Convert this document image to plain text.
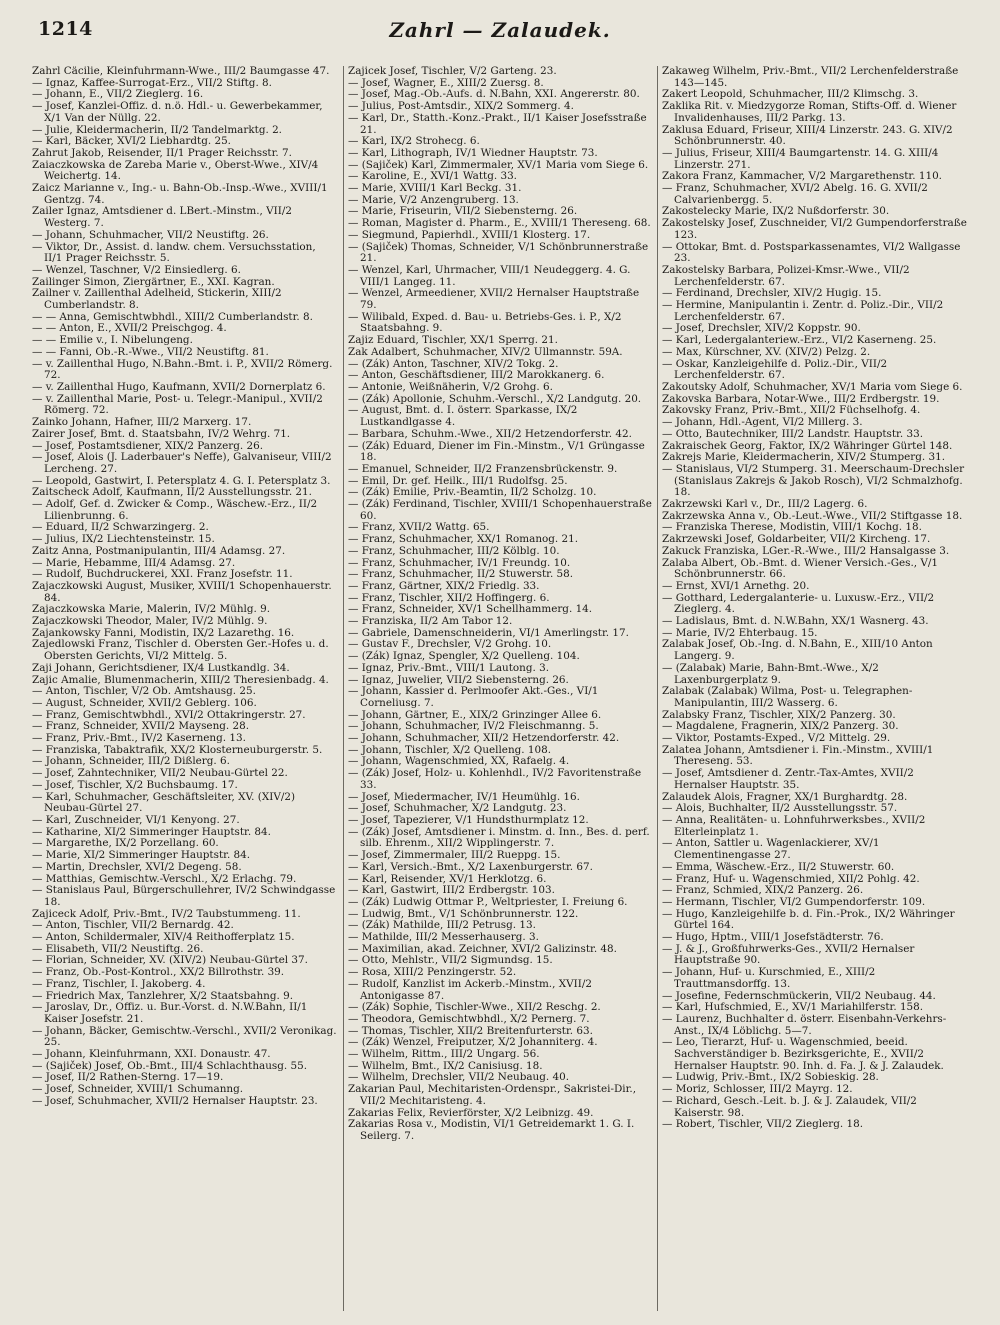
1214	Zahrl — Zalaudek.

Zahrl Cäcilie, Kleinfuhrmann-Wwe., III/2 Baumgasse 47.

— Ignaz, Kaffee-Surrogat-Erz., VII/2 Stiftg. 8.

— Johann, E., VII/2 Zieglerg. 16.

— Josef, Kanzlei-Offiz. d. n.ö. Hdl.- u. Gewerbekammer, X/1 Van der Nüllg. 22.

— Julie, Kleidermacherin, II/2 Tandelmarktg. 2.

— Karl, Bäcker, XVI/2 Liebhardtg. 25.

Zahrut Jakob, Reisender, II/1 Prager Reichsstr. 7.

Zaiaczkowska de Zareba Marie v., Oberst-Wwe., XIV/4 Weichertg. 14.

Zaicz Marianne v., Ing.- u. Bahn-Ob.-Insp.-Wwe., XVIII/1 Gentzg. 74.

Zailer Ignaz, Amtsdiener d. LBert.-Minstm., VII/2 Westerg. 7.

— Johann, Schuhmacher, VII/2 Neustiftg. 26.

— Viktor, Dr., Assist. d. landw. chem. Versuchsstation, II/1 Prager Reichsstr. 5.

— Wenzel, Taschner, V/2 Einsiedlerg. 6.

Zailinger Simon, Ziergärtner, E., XXI. Kagran.

Zailner v. Zaillenthal Adelheid, Stickerin, XIII/2 Cumberlandstr. 8.

— — Anna, Gemischtwbhdl., XIII/2 Cumberlandstr. 8.

— — Anton, E., XVII/2 Preischgog. 4.

— — Emilie v., I. Nibelungeng.

— — Fanni, Ob.-R.-Wwe., VII/2 Neustiftg. 81.

— v. Zaillenthal Hugo, N.Bahn.-Bmt. i. P., XVII/2 Römerg. 72.

— v. Zaillenthal Hugo, Kaufmann, XVII/2 Dornerplatz 6.

— v. Zaillenthal Marie, Post- u. Telegr.-Manipul., XVII/2 Römerg. 72.

Zainko Johann, Hafner, III/2 Marxerg. 17.

Zairer Josef, Bmt. d. Staatsbahn, IV/2 Wehrg. 71.

— Josef, Postamtsdiener, XIX/2 Panzerg. 26.

— Josef, Alois (J. Laderbauer's Neffe), Galvaniseur, VIII/2 Lercheng. 27.

— Leopold, Gastwirt, I. Petersplatz 4. G. I. Petersplatz 3.

Zaitscheck Adolf, Kaufmann, II/2 Ausstellungsstr. 21.

— Adolf, Gef. d. Zwicker & Comp., Wäschew.-Erz., II/2 Lilienbrunng. 6.

— Eduard, II/2 Schwarzingerg. 2.

— Julius, IX/2 Liechtensteinstr. 15.

Zaitz Anna, Postmanipulantin, III/4 Adamsg. 27.

— Marie, Hebamme, III/4 Adamsg. 27.

— Rudolf, Buchdruckerei, XXI. Franz Josefstr. 11.

Zajaczkowski August, Musiker, XVIII/1 Schopenhauerstr. 84.

Zajaczkowska Marie, Malerin, IV/2 Mühlg. 9.

Zajaczkowski Theodor, Maler, IV/2 Mühlg. 9.

Zajankowsky Fanni, Modistin, IX/2 Lazarethg. 16.

Zajedlowski Franz, Tischler d. Obersten Ger.-Hofes u. d. Obersten Gerichts, VI/2 Mittelg. 5.

Zaji Johann, Gerichtsdiener, IX/4 Lustkandlg. 34.

Zajic Amalie, Blumenmacherin, XIII/2 Theresienbadg. 4.

— Anton, Tischler, V/2 Ob. Amtshausg. 25.

— August, Schneider, XVII/2 Geblerg. 106.

— Franz, Gemischtwbhdl., XVI/2 Ottakringerstr. 27.

— Franz, Schneider, XVII/2 Mayseng. 28.

— Franz, Priv.-Bmt., IV/2 Kaserneng. 13.

— Franziska, Tabaktrafik, XX/2 Klosterneuburgerstr. 5.

— Johann, Schneider, III/2 Dißlerg. 6.

— Josef, Zahntechniker, VII/2 Neubau-Gürtel 22.

— Josef, Tischler, X/2 Buchsbaumg. 17.

— Karl, Schuhmacher, Geschäftsleiter, XV. (XIV/2) Neubau-Gürtel 27.

— Karl, Zuschneider, VI/1 Kenyong. 27.

— Katharine, XI/2 Simmeringer Hauptstr. 84.

— Margarethe, IX/2 Porzellang. 60.

— Marie, XI/2 Simmeringer Hauptstr. 84.

— Martin, Drechsler, XVI/2 Degeng. 58.

— Matthias, Gemischtw.-Verschl., X/2 Erlachg. 79.

— Stanislaus Paul, Bürgerschullehrer, IV/2 Schwindgasse 18.

Zajiceck Adolf, Priv.-Bmt., IV/2 Taubstummeng. 11.

— Anton, Tischler, VII/2 Bernardg. 42.

— Anton, Schildermaler, XIV/4 Reithofferplatz 15.

— Elisabeth, VII/2 Neustiftg. 26.

— Florian, Schneider, XV. (XIV/2) Neubau-Gürtel 37.

— Franz, Ob.-Post-Kontrol., XX/2 Billrothstr. 39.

— Franz, Tischler, I. Jakoberg. 4.

— Friedrich Max, Tanzlehrer, X/2 Staatsbahng. 9.

— Jaroslav, Dr., Offiz. u. Bur.-Vorst. d. N.W.Bahn, II/1 Kaiser Josefstr. 21.

— Johann, Bäcker, Gemischtw.-Verschl., XVII/2 Veronikag. 25.

— Johann, Kleinfuhrmann, XXI. Donaustr. 47.

— (Sajiček) Josef, Ob.-Bmt., III/4 Schlachthausg. 55.

— Josef, II/2 Rathen-Sterng. 17—19.

— Josef, Schneider, XVIII/1 Schumanng.

— Josef, Schuhmacher, XVII/2 Hernalser Hauptstr. 23.

Zajicek Josef, Tischler, V/2 Garteng. 23.

— Josef, Wagner, E., XIII/2 Zuersg. 8.

— Josef, Mag.-Ob.-Aufs. d. N.Bahn, XXI. Angererstr. 80.

— Julius, Post-Amtsdir., XIX/2 Sommerg. 4.

— Karl, Dr., Statth.-Konz.-Prakt., II/1 Kaiser Josefsstraße 21.

— Karl, IX/2 Strohecg. 6.

— Karl, Lithograph, IV/1 Wiedner Hauptstr. 73.

— (Sajiček) Karl, Zimmermaler, XV/1 Maria vom Siege 6.

— Karoline, E., XVI/1 Wattg. 33.

— Marie, XVIII/1 Karl Beckg. 31.

— Marie, V/2 Anzengruberg. 13.

— Marie, Friseurin, VII/2 Siebensterng. 26.

— Roman, Magister d. Pharm., E., XVIII/1 Thereseng. 68.

— Siegmund, Papierhdl., XVIII/1 Klosterg. 17.

— (Sajiček) Thomas, Schneider, V/1 Schönbrunnerstraße 21.

— Wenzel, Karl, Uhrmacher, VIII/1 Neudeggerg. 4. G. VIII/1 Langeg. 11.

— Wenzel, Armeediener, XVII/2 Hernalser Hauptstraße 79.

— Wilibald, Exped. d. Bau- u. Betriebs-Ges. i. P., X/2 Staatsbahng. 9.

Zajiz Eduard, Tischler, XX/1 Sperrg. 21.

Zak Adalbert, Schuhmacher, XIV/2 Ullmannstr. 59A.

— (Zák) Anton, Taschner, XIV/2 Tokg. 2.

— Anton, Geschäftsdiener, III/2 Marokkanerg. 6.

— Antonie, Weißnäherin, V/2 Grohg. 6.

— (Zák) Apollonie, Schuhm.-Verschl., X/2 Landgutg. 20.

— August, Bmt. d. I. österr. Sparkasse, IX/2 Lustkandlgasse 4.

— Barbara, Schuhm.-Wwe., XII/2 Hetzendorferstr. 42.

— (Zák) Eduard, Diener im Fin.-Minstm., V/1 Grüngasse 18.

— Emanuel, Schneider, II/2 Franzensbrückenstr. 9.

— Emil, Dr. gef. Heilk., III/1 Rudolfsg. 25.

— (Zák) Emilie, Priv.-Beamtin, II/2 Scholzg. 10.

— (Zák) Ferdinand, Tischler, XVIII/1 Schopenhauerstraße 60.

— Franz, XVII/2 Wattg. 65.

— Franz, Schuhmacher, XX/1 Romanog. 21.

— Franz, Schuhmacher, III/2 Kölblg. 10.

— Franz, Schuhmacher, IV/1 Freundg. 10.

— Franz, Schuhmacher, II/2 Stuwerstr. 58.

— Franz, Gärtner, XIX/2 Friedlg. 33.

— Franz, Tischler, XII/2 Hoffingerg. 6.

— Franz, Schneider, XV/1 Schellhammerg. 14.

— Franziska, II/2 Am Tabor 12.

— Gabriele, Damenschneiderin, VI/1 Amerlingstr. 17.

— Gustav F., Drechsler, V/2 Grohg. 10.

— (Zák) Ignaz, Spengler, X/2 Quelleng. 104.

— Ignaz, Priv.-Bmt., VIII/1 Lautong. 3.

— Ignaz, Juwelier, VII/2 Siebensterng. 26.

— Johann, Kassier d. Perlmoofer Akt.-Ges., VI/1 Corneliusg. 7.

— Johann, Gärtner, E., XIX/2 Grinzinger Allee 6.

— Johann, Schuhmacher, IV/2 Fleischmanng. 5.

— Johann, Schuhmacher, XII/2 Hetzendorferstr. 42.

— Johann, Tischler, X/2 Quelleng. 108.

— Johann, Wagenschmied, XX, Rafaelg. 4.

— (Zák) Josef, Holz- u. Kohlenhdl., IV/2 Favoritenstraße 33.

— Josef, Miedermacher, IV/1 Heumühlg. 16.

— Josef, Schuhmacher, X/2 Landgutg. 23.

— Josef, Tapezierer, V/1 Hundsthurmplatz 12.

— (Zák) Josef, Amtsdiener i. Minstm. d. Inn., Bes. d. perf. silb. Ehrenm., XII/2 Wipplingerstr. 7.

— Josef, Zimmermaler, III/2 Rueppg. 15.

— Karl, Versich.-Bmt., X/2 Laxenburgerstr. 67.

— Karl, Reisender, XV/1 Herklotzg. 6.

— Karl, Gastwirt, III/2 Erdbergstr. 103.

— (Zák) Ludwig Ottmar P., Weltpriester, I. Freiung 6.

— Ludwig, Bmt., V/1 Schönbrunnerstr. 122.

— (Zák) Mathilde, III/2 Petrusg. 13.

— Mathilde, III/2 Messerhauserg. 3.

— Maximilian, akad. Zeichner, XVI/2 Galizinstr. 48.

— Otto, Mehlstr., VII/2 Sigmundsg. 15.

— Rosa, XIII/2 Penzingerstr. 52.

— Rudolf, Kanzlist im Ackerb.-Minstm., XVII/2 Antonigasse 87.

— (Zák) Sophie, Tischler-Wwe., XII/2 Reschg. 2.

— Theodora, Gemischtwbhdl., X/2 Pernerg. 7.

— Thomas, Tischler, XII/2 Breitenfurterstr. 63.

— (Zák) Wenzel, Freiputzer, X/2 Johanniterg. 4.

— Wilhelm, Rittm., III/2 Ungarg. 56.

— Wilhelm, Bmt., IX/2 Canisiusg. 18.

— Wilhelm, Drechsler, VII/2 Neubaug. 40.

Zakarian Paul, Mechitaristen-Ordenspr., Sakristei-Dir., VII/2 Mechitaristeng. 4.

Zakarias Felix, Revierförster, X/2 Leibnizg. 49.

Zakarias Rosa v., Modistin, VI/1 Getreidemarkt 1. G. I. Seilerg. 7.

Zakaweg Wilhelm, Priv.-Bmt., VII/2 Lerchenfelderstraße 143—145.

Zakert Leopold, Schuhmacher, III/2 Klimschg. 3.

Zaklika Rit. v. Miedzygorze Roman, Stifts-Off. d. Wiener Invalidenhauses, III/2 Parkg. 13.

Zaklusa Eduard, Friseur, XIII/4 Linzerstr. 243. G. XIV/2 Schönbrunnerstr. 40.

— Julius, Friseur, XIII/4 Baumgartenstr. 14. G. XIII/4 Linzerstr. 271.

Zakora Franz, Kammacher, V/2 Margarethenstr. 110.

— Franz, Schuhmacher, XVI/2 Abelg. 16. G. XVII/2 Calvarienbergg. 5.

Zakostelecky Marie, IX/2 Nußdorferstr. 30.

Zakostelsky Josef, Zuschneider, VI/2 Gumpendorferstraße 123.

— Ottokar, Bmt. d. Postsparkassenamtes, VI/2 Wallgasse 23.

Zakostelsky Barbara, Polizei-Kmsr.-Wwe., VII/2 Lerchenfelderstr. 67.

— Ferdinand, Drechsler, XIV/2 Hugig. 15.

— Hermine, Manipulantin i. Zentr. d. Poliz.-Dir., VII/2 Lerchenfelderstr. 67.

— Josef, Drechsler, XIV/2 Koppstr. 90.

— Karl, Ledergalanteriew.-Erz., VI/2 Kaserneng. 25.

— Max, Kürschner, XV. (XIV/2) Pelzg. 2.

— Oskar, Kanzleigehilfe d. Poliz.-Dir., VII/2 Lerchenfelderstr. 67.

Zakoutsky Adolf, Schuhmacher, XV/1 Maria vom Siege 6.

Zakovska Barbara, Notar-Wwe., III/2 Erdbergstr. 19.

Zakovsky Franz, Priv.-Bmt., XII/2 Füchselhofg. 4.

— Johann, Hdl.-Agent, VI/2 Millerg. 3.

— Otto, Bautechniker, III/2 Landstr. Hauptstr. 33.

Zakraischek Georg, Faktor, IX/2 Währinger Gürtel 148.

Zakrejs Marie, Kleidermacherin, XIV/2 Stumperg. 31.

— Stanislaus, VI/2 Stumperg. 31. Meerschaum-Drechsler (Stanislaus Zakrejs & Jakob Rosch), VI/2 Schmalzhofg. 18.

Zakrzewski Karl v., Dr., III/2 Lagerg. 6.

Zakrzewska Anna v., Ob.-Leut.-Wwe., VII/2 Stiftgasse 18.

— Franziska Therese, Modistin, VIII/1 Kochg. 18.

Zakrzewski Josef, Goldarbeiter, VII/2 Kircheng. 17.

Zakuck Franziska, LGer.-R.-Wwe., III/2 Hansalgasse 3.

Zalaba Albert, Ob.-Bmt. d. Wiener Versich.-Ges., V/1 Schönbrunnerstr. 66.

— Ernst, XVI/1 Arnethg. 20.

— Gotthard, Ledergalanterie- u. Luxusw.-Erz., VII/2 Zieglerg. 4.

— Ladislaus, Bmt. d. N.W.Bahn, XX/1 Wasnerg. 43.

— Marie, IV/2 Ehterbaug. 15.

Zalabak Josef, Ob.-Ing. d. N.Bahn, E., XIII/10 Anton Langerg. 9.

— (Zalabak) Marie, Bahn-Bmt.-Wwe., X/2 Laxenburgerplatz 9.

Zalabak (Zalabak) Wilma, Post- u. Telegraphen-Manipulantin, III/2 Wasserg. 6.

Zalabsky Franz, Tischler, XIX/2 Panzerg. 30.

— Magdalene, Fragnerin, XIX/2 Panzerg. 30.

— Viktor, Postamts-Exped., V/2 Mittelg. 29.

Zalatea Johann, Amtsdiener i. Fin.-Minstm., XVIII/1 Thereseng. 53.

— Josef, Amtsdiener d. Zentr.-Tax-Amtes, XVII/2 Hernalser Hauptstr. 35.

Zalaudek Alois, Fragner, XX/1 Burghardtg. 28.

— Alois, Buchhalter, II/2 Ausstellungsstr. 57.

— Anna, Realitäten- u. Lohnfuhrwerksbes., XVII/2 Elterleinplatz 1.

— Anton, Sattler u. Wagenlackierer, XV/1 Clementinengasse 27.

— Emma, Wäschew.-Erz., II/2 Stuwerstr. 60.

— Franz, Huf- u. Wagenschmied, XII/2 Pohlg. 42.

— Franz, Schmied, XIX/2 Panzerg. 26.

— Hermann, Tischler, VI/2 Gumpendorferstr. 109.

— Hugo, Kanzleigehilfe b. d. Fin.-Prok., IX/2 Währinger Gürtel 164.

— Hugo, Hptm., VIII/1 Josefstädterstr. 76.

— J. & J., Großfuhrwerks-Ges., XVII/2 Hernalser Hauptstraße 90.

— Johann, Huf- u. Kurschmied, E., XIII/2 Trauttmansdorffg. 13.

— Josefine, Federnschmückerin, VII/2 Neubaug. 44.

— Karl, Hufschmied, E., XV/1 Mariahilferstr. 158.

— Laurenz, Buchhalter d. österr. Eisenbahn-Verkehrs-Anst., IX/4 Löblichg. 5—7.

— Leo, Tierarzt, Huf- u. Wagenschmied, beeid. Sachverständiger b. Bezirksgerichte, E., XVII/2 Hernalser Hauptstr. 90. Inh. d. Fa. J. & J. Zalaudek.

— Ludwig, Priv.-Bmt., IX/2 Sobieskig. 28.

— Moriz, Schlosser, III/2 Mayrg. 12.

— Richard, Gesch.-Leit. b. J. & J. Zalaudek, VII/2 Kaiserstr. 98.

— Robert, Tischler, VII/2 Zieglerg. 18.
